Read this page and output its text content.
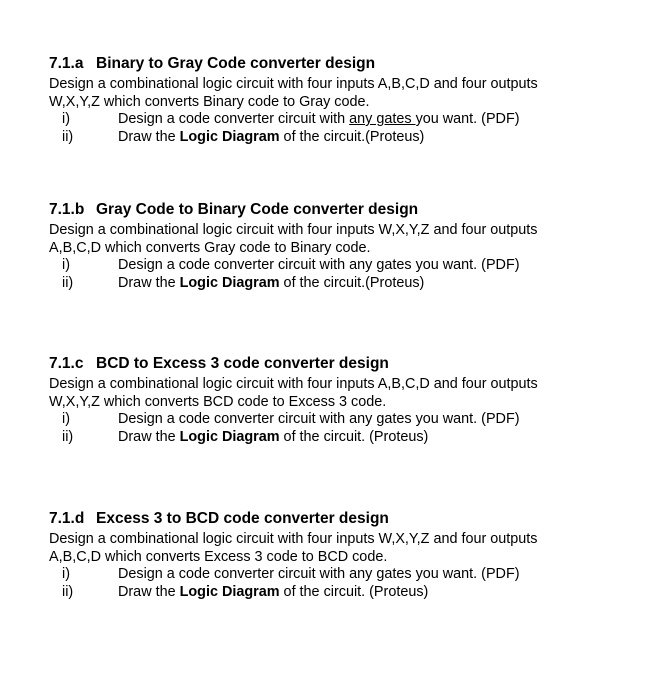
7.1.a Binary to Gray Code converter design
Design a combinational logic circuit with four inputs A,B,C,D and four outputs
W,X,Y,Z which converts Binary code to Gray code.
i)	Design a code converter circuit with any gates you want. (PDF)
ii)	Draw the Logic Diagram of the circuit.(Proteus)
7.1.b Gray Code to Binary Code converter design
Design a combinational logic circuit with four inputs W,X,Y,Z and four outputs
A,B,C,D which converts Gray code to Binary code.
i)	Design a code converter circuit with any gates you want. (PDF)
ii)	Draw the Logic Diagram of the circuit.(Proteus)
7.1.c BCD to Excess 3 code converter design
Design a combinational logic circuit with four inputs A,B,C,D and four outputs
W,X,Y,Z which converts BCD code to Excess 3 code.
i)	Design a code converter circuit with any gates you want. (PDF)
ii)	Draw the Logic Diagram of the circuit. (Proteus)
7.1.d Excess 3 to BCD code converter design
Design a combinational logic circuit with four inputs W,X,Y,Z and four outputs
A,B,C,D which converts Excess 3 code to BCD code.
i)	Design a code converter circuit with any gates you want. (PDF)
ii)	Draw the Logic Diagram of the circuit. (Proteus)
